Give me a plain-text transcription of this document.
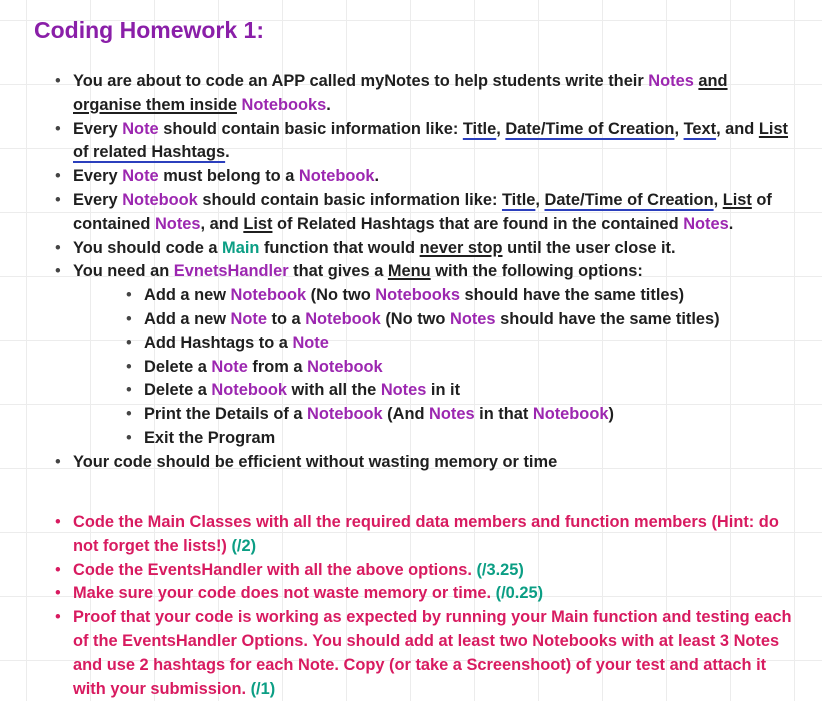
Coding Homework 1:
• You are about to code an APP called myNotes to help students write their Notes and organise them inside Notebooks.
• Every Note should contain basic information like: Title, Date/Time of Creation, Text, and List of related Hashtags.
• Every Note must belong to a Notebook.
• Every Notebook should contain basic information like: Title, Date/Time of Creation, List of contained Notes, and List of Related Hashtags that are found in the contained Notes.
• You should code a Main function that would never stop until the user close it.
• You need an EvnetsHandler that gives a Menu with the following options:
• Add a new Notebook (No two Notebooks should have the same titles)
• Add a new Note to a Notebook (No two Notes should have the same titles)
• Add Hashtags to a Note
• Delete a Note from a Notebook
• Delete a Notebook with all the Notes in it
• Print the Details of a Notebook (And Notes in that Notebook)
• Exit the Program
• Your code should be efficient without wasting memory or time
• Code the Main Classes with all the required data members and function members (Hint: do not forget the lists!) (/2)
• Code the EventsHandler with all the above options. (/3.25)
• Make sure your code does not waste memory or time. (/0.25)
• Proof that your code is working as expected by running your Main function and testing each of the EventsHandler Options. You should add at least two Notebooks with at least 3 Notes and use 2 hashtags for each Note. Copy (or take a Screenshoot) of your test and attach it with your submission. (/1)
